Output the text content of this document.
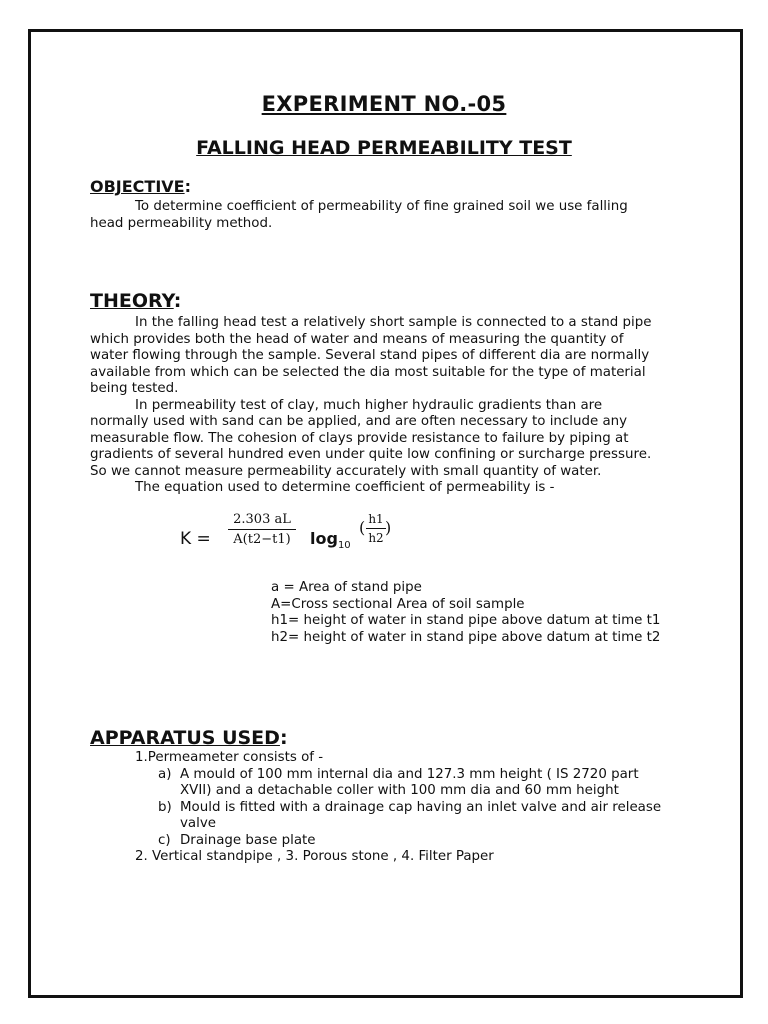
EXPERIMENT NO.-05
FALLING HEAD PERMEABILITY TEST
OBJECTIVE:
To determine coefficient of permeability of fine grained soil we use falling
head permeability method.
THEORY:
In the falling head test a relatively short sample is connected to a stand pipe
which provides both the head of water and means of measuring the quantity of
water flowing through the sample. Several stand pipes of different dia are normally
available from which can be selected the dia most suitable for the type of material
being tested.
In permeability test of clay, much higher hydraulic gradients than are
normally used with sand can be applied, and are often necessary to include any
measurable flow. The cohesion of clays provide resistance to failure by piping at
gradients of several hundred even under quite low confining or surcharge pressure.
So we cannot measure permeability accurately with small quantity of water.
The equation used to determine coefficient of permeability is -
$K = \frac{2.303 aL}{A(t2-t1)} \log_{10}$
( $\frac{h1}{h2}$ )
a = Area of stand pipe
A=Cross sectional Area of soil sample
h1= height of water in stand pipe above datum at time t1
h2= height of water in stand pipe above datum at time t2
APPARATUS USED:
1.Permeameter consists of -
a) A mould of 100 mm internal dia and 127.3 mm height ( IS 2720 part
XVII) and a detachable coller with 100 mm dia and 60 mm height
b) Mould is fitted with a drainage cap having an inlet valve and air release
valve
c) Drainage base plate
2. Vertical standpipe , 3. Porous stone , 4. Filter Paper
